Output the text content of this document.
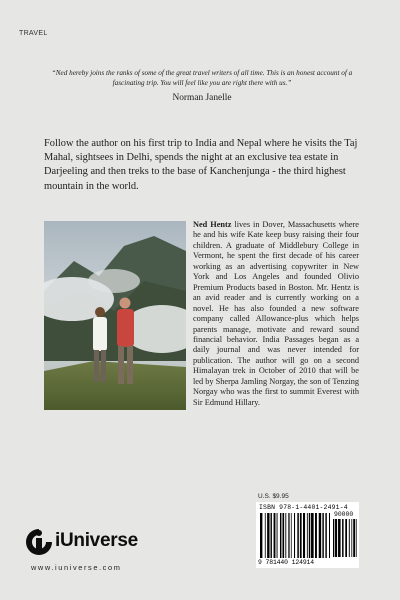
TRAVEL
“Ned hereby joins the ranks of some of the great travel writers of all time. This is an honest account of a fascinating trip. You will feel like you are right there with us.”
Norman Janelle
Follow the author on his first trip to India and Nepal where he visits the Taj Mahal, sightsees in Delhi, spends the night at an exclusive tea estate in Darjeeling and then treks to the base of Kanchenjunga - the third highest mountain in the world.
Ned Hentz lives in Dover, Massachusetts where he and his wife Kate keep busy raising their four children. A graduate of Middlebury College in Vermont, he spent the first decade of his career working as an advertising copywriter in New York and Los Angeles and founded Olivio Premium Products based in Boston. Mr. Hentz is an avid reader and is currently working on a novel. He has also founded a new software company called Allowance-plus which helps parents manage, motivate and reward sound financial behavior. India Passages began as a daily journal and was never intended for publication. The author will go on a second Himalayan trek in October of 2010 that will be led by Sherpa Jamling Norgay, the son of Tenzing Norgay who was the first to summit Everest with Sir Edmund Hillary.
U.S. $9.95
ISBN 978-1-4401-2491-4
90000
9 781440 124914
iUniverse
www.iuniverse.com
